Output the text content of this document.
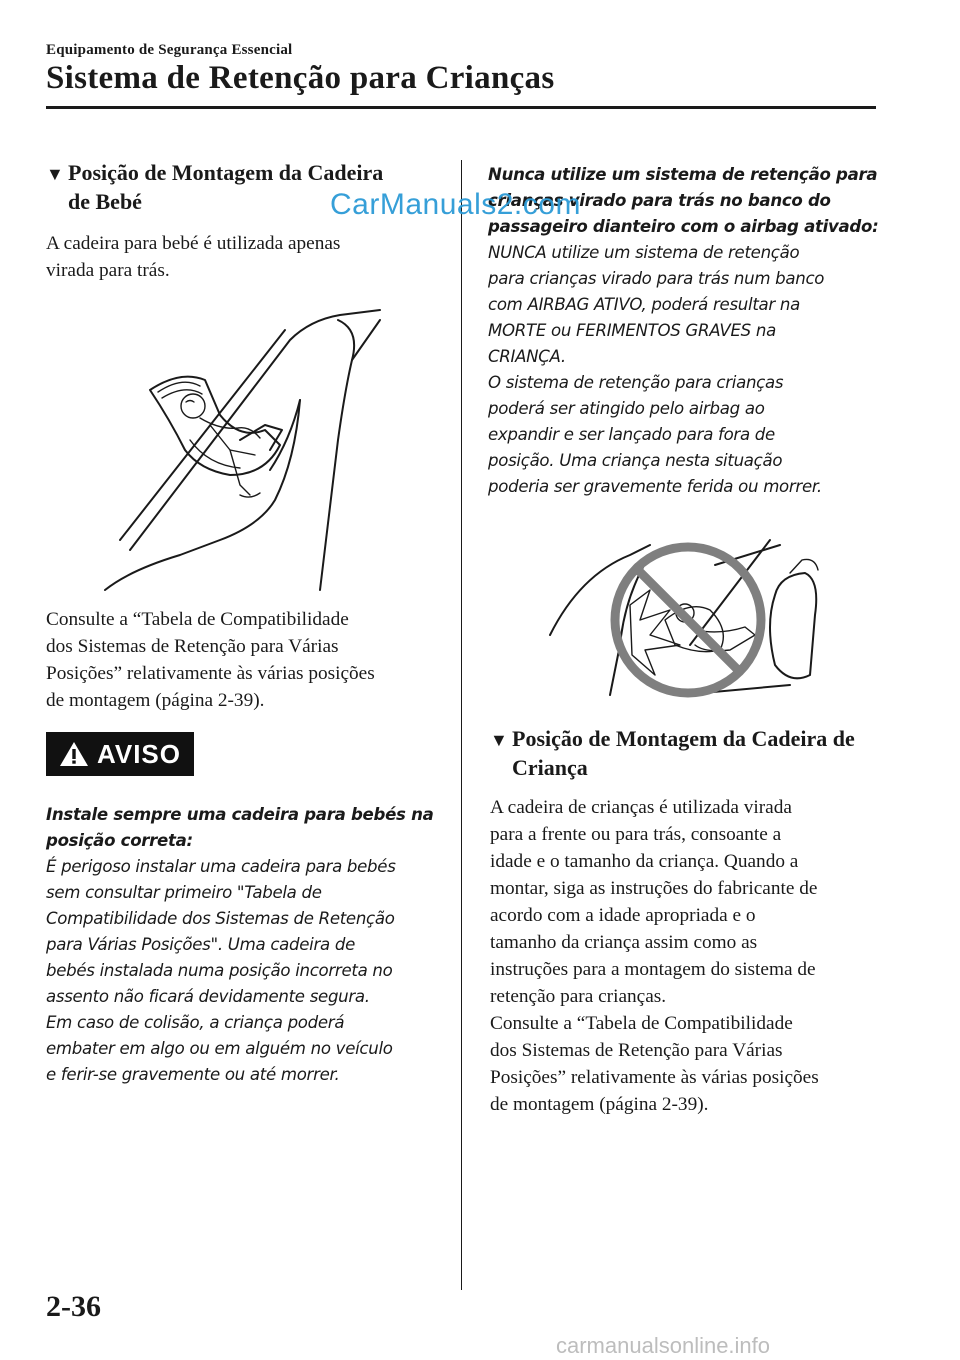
Equipamento de Segurança Essencial
Sistema de Retenção para Crianças
▼ Posição de Montagem da Cadeira
de Bebé
A cadeira para bebé é utilizada apenas
virada para trás.
Consulte a “Tabela de Compatibilidade
dos Sistemas de Retenção para Várias
Posições” relativamente às várias posições
de montagem (página 2-39).
AVISO
Instale sempre uma cadeira para bebés na
posição correta:
É perigoso instalar uma cadeira para bebés
sem consultar primeiro "Tabela de
Compatibilidade dos Sistemas de Retenção
para Várias Posições". Uma cadeira de
bebés instalada numa posição incorreta no
assento não ficará devidamente segura.
Em caso de colisão, a criança poderá
embater em algo ou em alguém no veículo
e ferir-se gravemente ou até morrer.
Nunca utilize um sistema de retenção para
crianças virado para trás no banco do
passageiro dianteiro com o airbag ativado:
NUNCA utilize um sistema de retenção
para crianças virado para trás num banco
com AIRBAG ATIVO, poderá resultar na
MORTE ou FERIMENTOS GRAVES na
CRIANÇA.
O sistema de retenção para crianças
poderá ser atingido pelo airbag ao
expandir e ser lançado para fora de
posição. Uma criança nesta situação
poderia ser gravemente ferida ou morrer.
▼ Posição de Montagem da Cadeira de
Criança
A cadeira de crianças é utilizada virada
para a frente ou para trás, consoante a
idade e o tamanho da criança. Quando a
montar, siga as instruções do fabricante de
acordo com a idade apropriada e o
tamanho da criança assim como as
instruções para a montagem do sistema de
retenção para crianças.
Consulte a “Tabela de Compatibilidade
dos Sistemas de Retenção para Várias
Posições” relativamente às várias posições
de montagem (página 2-39).
CarManuals2.com
2-36
carmanualsonline.info
